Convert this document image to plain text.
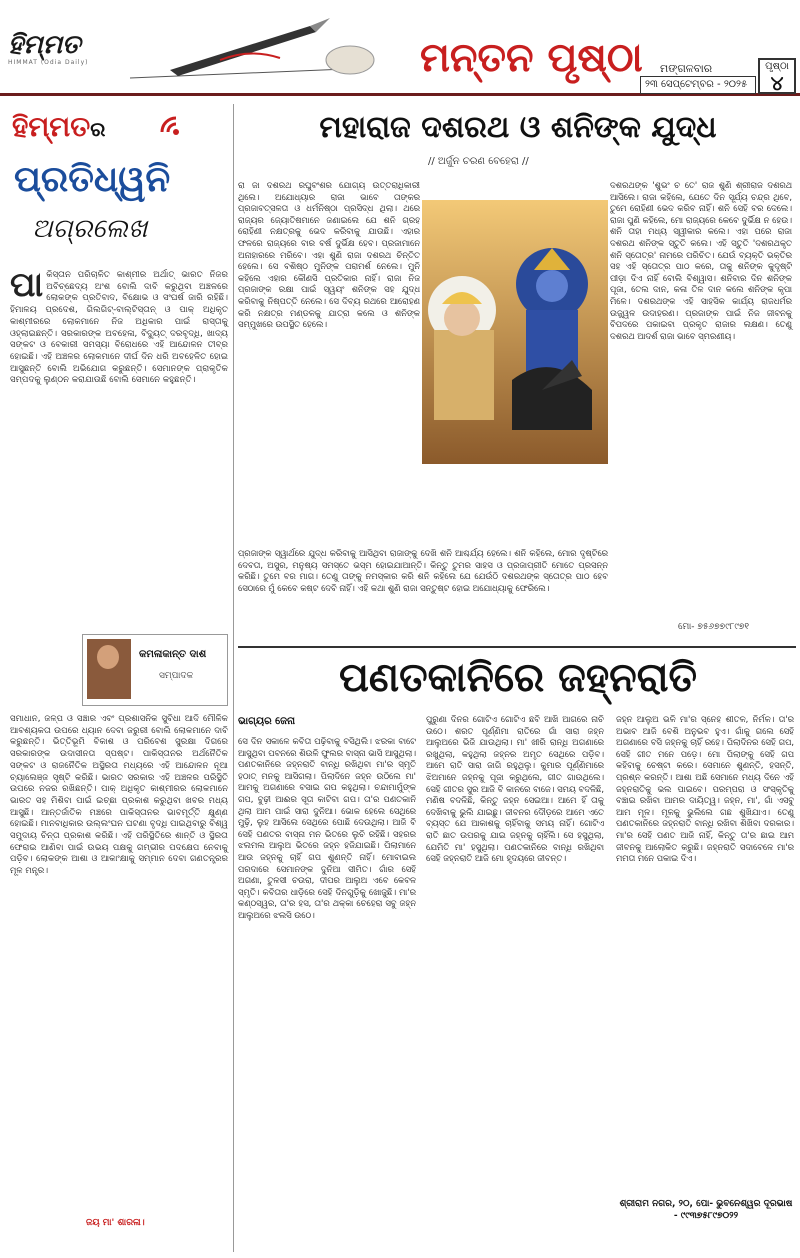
ହିମ୍ମତ
HIMMAT (Odia Daily)	ମନ୍ତନ ପୃଷ୍ଠା ମଙ୍ଗଳବାର
୨୩ ସେପ୍ଟେମ୍ବର - ୨୦୨୫
ପୃଷ୍ଠା
୪
ହିମ୍ମତର
ପ୍ରତିଧ୍ୱନି
ଅଗ୍ରଲେଖ
ପା କିସ୍ତାନ ପରିଚାଳିତ କାଶ୍ମୀର ଅର୍ଥାତ୍ ଭାରତ ନିଜର ଅବିଚ୍ଛେଦ୍ୟ ଅଂଶ ବୋଲି ଦାବି କରୁଥିବା ଅଞ୍ଚଳରେ ଲୋକଙ୍କ ପ୍ରତିବାଦ, ବିକ୍ଷୋଭ ଓ ସଂଘର୍ଷ ଜାରି ରହିଛି। ହିମାଳୟ ପ୍ରଦେଶ, ଗିଲଗିଟ୍-ବାଲ୍ଟିସ୍ତାନ୍ ଓ ପାକ୍ ଅଧିକୃତ କାଶ୍ମୀରରେ ଲୋକମାନେ ନିଜ ଅଧିକାର ପାଇଁ ରାସ୍ତାକୁ ଓହ୍ଲାଇଛନ୍ତି। ସରକାରଙ୍କ ଅବହେଳା, ବିଦ୍ୟୁତ୍ ଦରବୃଦ୍ଧି, ଖାଦ୍ୟ ସଙ୍କଟ ଓ ବେକାରୀ ସମସ୍ୟା ବିରୋଧରେ ଏହି ଆନ୍ଦୋଳନ ତୀବ୍ର ହୋଇଛି। ଏହି ଅଞ୍ଚଳର ଲୋକମାନେ ଦୀର୍ଘ ଦିନ ଧରି ଅବହେଳିତ ହୋଇ ଆସୁଛନ୍ତି ବୋଲି ଅଭିଯୋଗ କରୁଛନ୍ତି। ସେମାନଙ୍କ ପ୍ରାକୃତିକ ସମ୍ପଦକୁ ଲୁଣ୍ଠନ କରାଯାଉଛି ବୋଲି ସେମାନେ କହୁଛନ୍ତି।
କମଳାକାନ୍ତ ଦାଶ
ସମ୍ପାଦକ
ସମାଧାନ, ଜଳ୍ପ ଓ ସଞ୍ଚାର ଏବଂ ପ୍ରଶାସନିକ ସୁବିଧା ଆଦି ମୌଳିକ ଆବଶ୍ୟକତା ଉପରେ ଧ୍ୟାନ ଦେବା ଜରୁରୀ ବୋଲି ଲୋକମାନେ ଦାବି କରୁଛନ୍ତି। ଭିତ୍ତିଭୂମି ବିକାଶ ଓ ପରିବେଶ ସୁରକ୍ଷା ଦିଗରେ ସରକାରଙ୍କ ଉଦାସୀନତା ସ୍ପଷ୍ଟ। ପାକିସ୍ତାନର ଅର୍ଥନୈତିକ ସଙ୍କଟ ଓ ରାଜନୈତିକ ଅସ୍ଥିରତା ମଧ୍ୟରେ ଏହି ଆନ୍ଦୋଳନ ନୂଆ ଚ୍ୟାଲେଞ୍ଜ ସୃଷ୍ଟି କରିଛି। ଭାରତ ସରକାର ଏହି ଅଞ୍ଚଳର ପରିସ୍ଥିତି ଉପରେ ନଜର ରଖିଛନ୍ତି। ପାକ୍ ଅଧିକୃତ କାଶ୍ମୀରର ଲୋକମାନେ ଭାରତ ସହ ମିଶିବା ପାଇଁ ଇଚ୍ଛା ପ୍ରକାଶ କରୁଥିବା ଖବର ମଧ୍ୟ ଆସୁଛି। ଆନ୍ତର୍ଜାତିକ ମଞ୍ଚରେ ପାକିସ୍ତାନର ଭାବମୂର୍ତ୍ତି କ୍ଷୁଣ୍ଣ ହୋଇଛି। ମାନବାଧିକାର ଉଲ୍ଲଂଘନ ଘଟଣା ବୃଦ୍ଧି ପାଇଥିବାରୁ ବିଶ୍ୱ ସମୁଦାୟ ଚିନ୍ତା ପ୍ରକାଶ କରିଛି। ଏହି ପରିସ୍ଥିତିରେ ଶାନ୍ତି ଓ ସ୍ଥିରତା ଫେରାଇ ଆଣିବା ପାଇଁ ଉଭୟ ପକ୍ଷକୁ ଗମ୍ଭୀର ପଦକ୍ଷେପ ନେବାକୁ ପଡ଼ିବ। ଲୋକଙ୍କ ଆଶା ଓ ଆକାଂକ୍ଷାକୁ ସମ୍ମାନ ଦେବା ଗଣତନ୍ତ୍ରର ମୂଳ ମନ୍ତ୍ର।
ଜୟ ମା' ଶାରଳା।
ମହାରାଜ ଦଶରଥ ଓ ଶନିଙ୍କ ଯୁଦ୍ଧ
// ଅର୍ଜୁନ ଚରଣ ବେହେରା //
ରା ଜା ଦଶରଥ ରଘୁବଂଶର ଯୋଗ୍ୟ ଉତ୍ତରାଧିକାରୀ ଥିଲେ। ଅଯୋଧ୍ୟାର ରାଜା ଭାବେ ତାଙ୍କର ପ୍ରଜାବତ୍ସଳତା ଓ ଧର୍ମନିଷ୍ଠା ପ୍ରସିଦ୍ଧ ଥିଲା। ଥରେ ରାଜ୍ୟର ଜ୍ୟୋତିଷମାନେ ଜଣାଇଲେ ଯେ ଶନି ଗ୍ରହ ରୋହିଣୀ ନକ୍ଷତ୍ରକୁ ଭେଦ କରିବାକୁ ଯାଉଛି। ଏହାର ଫଳରେ ରାଜ୍ୟରେ ବାର ବର୍ଷ ଦୁର୍ଭିକ୍ଷ ହେବ। ପ୍ରଜାମାନେ ଅନାହାରରେ ମରିବେ। ଏହା ଶୁଣି ରାଜା ଦଶରଥ ଚିନ୍ତିତ ହେଲେ। ସେ ବଶିଷ୍ଠ ମୁନିଙ୍କ ପରାମର୍ଶ ନେଲେ। ମୁନି କହିଲେ ଏହାର କୌଣସି ପ୍ରତିକାର ନାହିଁ। ରାଜା ନିଜ ପ୍ରଜାଙ୍କ ରକ୍ଷା ପାଇଁ ସ୍ୱୟଂ ଶନିଙ୍କ ସହ ଯୁଦ୍ଧ କରିବାକୁ ନିଷ୍ପତ୍ତି ନେଲେ। ସେ ଦିବ୍ୟ ରଥରେ ଆରୋହଣ କରି ନକ୍ଷତ୍ର ମଣ୍ଡଳକୁ ଯାତ୍ରା କଲେ ଓ ଶନିଙ୍କ ସମ୍ମୁଖରେ ଉପସ୍ଥିତ ହେଲେ।
ଦଶରଥଙ୍କ 'ଶୁଭଂ ଚ ତେ' ରାଜ ଶୁଣି ଶ୍ରୀରାଜ ଦଶରଥ ଆସିଲେ। ରାଜା କହିଲେ, ଯେତେ ଦିନ ସୂର୍ଯ୍ୟ ଚନ୍ଦ୍ର ଥିବେ, ତୁମେ ରୋହିଣୀ ଭେଦ କରିବ ନାହିଁ। ଶନି ସେହି ବର ଦେଲେ। ରାଜା ପୁଣି କହିଲେ, ମୋ ରାଜ୍ୟରେ କେବେ ଦୁର୍ଭିକ୍ଷ ନ ହେଉ। ଶନି ତାହା ମଧ୍ୟ ସ୍ୱୀକାର କଲେ। ଏହା ପରେ ରାଜା ଦଶରଥ ଶନିଙ୍କ ସ୍ତୁତି କଲେ। ଏହି ସ୍ତୁତି 'ଦଶରଥକୃତ ଶନି ସ୍ତୋତ୍ର' ନାମରେ ପରିଚିତ। ଯେଉଁ ବ୍ୟକ୍ତି ଭକ୍ତିର ସହ ଏହି ସ୍ତୋତ୍ର ପାଠ କରେ, ତାକୁ ଶନିଙ୍କ କୁଦୃଷ୍ଟି ପୀଡ଼ା ଦିଏ ନାହିଁ ବୋଲି ବିଶ୍ୱାସ। ଶନିବାର ଦିନ ଶନିଙ୍କ ପୂଜା, ତେଲ ଦାନ, କଳା ତିଳ ଦାନ କଲେ ଶନିଙ୍କ କୃପା ମିଳେ। ଦଶରଥଙ୍କ ଏହି ସାହସିକ କାର୍ଯ୍ୟ ରାଜଧର୍ମର ଉଜ୍ଜ୍ୱଳ ଉଦାହରଣ। ପ୍ରଜାଙ୍କ ପାଇଁ ନିଜ ଜୀବନକୁ ବିପଦରେ ପକାଇବା ପ୍ରକୃତ ରାଜାର ଲକ୍ଷଣ। ତେଣୁ ଦଶରଥ ଆଦର୍ଶ ରାଜା ଭାବେ ସ୍ମରଣୀୟ।
ପ୍ରଜାଙ୍କ ସ୍ୱାର୍ଥରେ ଯୁଦ୍ଧ କରିବାକୁ ଆସିଥିବା ରାଜାଙ୍କୁ ଦେଖି ଶନି ଆଶ୍ଚର୍ଯ୍ୟ ହେଲେ। ଶନି କହିଲେ, ମୋର ଦୃଷ୍ଟିରେ ଦେବତା, ଅସୁର, ମନୁଷ୍ୟ ସମସ୍ତେ ଭସ୍ମ ହୋଇଯାଆନ୍ତି। କିନ୍ତୁ ତୁମର ସାହସ ଓ ପ୍ରଜାପ୍ରୀତି ମୋତେ ପ୍ରସନ୍ନ କରିଛି। ତୁମେ ବର ମାଗ। ତେଣୁ ତାଙ୍କୁ ନମସ୍କାର କରି ଶନି କହିଲେ ଯେ ଯେଉଁଠି ଦଶରଥଙ୍କ ସ୍ତୋତ୍ର ପାଠ ହେବ ସେଠାରେ ମୁଁ କେବେ କଷ୍ଟ ଦେବି ନାହିଁ। ଏହି କଥା ଶୁଣି ରାଜା ସନ୍ତୁଷ୍ଟ ହୋଇ ଅଯୋଧ୍ୟାକୁ ଫେରିଲେ।
ମୋ- ୭୫୬୭୭୯୮୯୭୧
ପଣତକାନିରେ ଜହ୍ନରାତି
ଭାଗ୍ୟର ଜେନା
ସେ ଦିନ ସକାଳେ କବିତା ପଢ଼ିବାକୁ ବସିଥିଲି। ଝରକା ବାଟେ ଆସୁଥିବା ପବନରେ ଶିଉଳି ଫୁଲର ବାସ୍ନା ଭାସି ଆସୁଥିଲା। ପଣତକାନିରେ ଜହ୍ନରାତି ବାନ୍ଧି ରଖିଥିବା ମା'ର ସ୍ମୃତି ହଠାତ୍ ମନକୁ ଆସିଗଲା। ପିଲାଦିନେ ଜହ୍ନ ଉଠିଲେ ମା' ଆମକୁ ଅଗଣାରେ ବସାଇ ଗପ କହୁଥିଲା। ଚନ୍ଦାମାମୁଁଙ୍କ ଗପ, ବୁଢ଼ୀ ଆଈର ସୂତା କାଟିବା ଗପ। ତା'ର ପଣତକାନି ଥିଲା ଆମ ପାଇଁ ସାରା ଦୁନିଆ। ଭୋକ ହେଲେ ସେଥିରେ ମୁଢ଼ି, ଲୁହ ଆସିଲେ ସେଥିରେ ପୋଛି ଦେଉଥିଲା। ଆଜି ବି ସେହି ପଣତର ବାସ୍ନା ମନ ଭିତରେ ଲୁଚି ରହିଛି। ସହରର ଝଲମଲ ଆଲୁଅ ଭିତରେ ଜହ୍ନ ହଜିଯାଇଛି। ପିଲାମାନେ ଆଉ ଜହ୍ନକୁ ଚାହିଁ ଗପ ଶୁଣନ୍ତି ନାହିଁ। ମୋବାଇଲ ପରଦାରେ ସେମାନଙ୍କ ଦୁନିଆ ସୀମିତ। ଗାଁର ସେହି ଅଗଣା, ତୁଳସୀ ଚଉରା, ଦୀପର ଆଲୁଅ ଏବେ କେବଳ ସ୍ମୃତି। କବିତାର ଧାଡ଼ିରେ ସେହି ଦିନଗୁଡ଼ିକୁ ଖୋଜୁଛି। ମା'ର କଣ୍ଠସ୍ୱର, ତା'ର ହସ, ତା'ର ଥକ୍କା ଚେହେରା ସବୁ ଜହ୍ନ ଆଲୁଅରେ ଝଲସି ଉଠେ।
ପୁରୁଣା ଦିନର ଗୋଟିଏ ଗୋଟିଏ ଛବି ଆଖି ଆଗରେ ନାଚି ଉଠେ। ଶରତ ପୂର୍ଣ୍ଣିମା ରାତିରେ ଗାଁ ସାରା ଜହ୍ନ ଆଲୁଅରେ ଭିଜି ଯାଉଥିଲା। ମା' ଖୀରି ରାନ୍ଧି ଅଗଣାରେ ରଖୁଥିଲା, କହୁଥିଲା ଜହ୍ନର ଅମୃତ ସେଥିରେ ପଡ଼ିବ। ଆମେ ରାତି ସାରା ଜାଗି ରହୁଥିଲୁ। କୁମାର ପୂର୍ଣ୍ଣିମାରେ ଝିଅମାନେ ଜହ୍ନକୁ ପୂଜା କରୁଥିଲେ, ଗୀତ ଗାଉଥିଲେ। ସେହି ଗୀତର ସୁର ଆଜି ବି କାନରେ ବାଜେ। ସମୟ ବଦଳିଛି, ମଣିଷ ବଦଳିଛି, କିନ୍ତୁ ଜହ୍ନ ସେଇଆ। ଆମେ ହିଁ ତାକୁ ଦେଖିବାକୁ ଭୁଲି ଯାଇଛୁ। ଜୀବନର ଦୌଡ଼ରେ ଆମେ ଏତେ ବ୍ୟସ୍ତ ଯେ ଆକାଶକୁ ଚାହିଁବାକୁ ସମୟ ନାହିଁ। ଗୋଟିଏ ରାତି ଛାତ ଉପରକୁ ଯାଇ ଜହ୍ନକୁ ଚାହିଁଲି। ସେ ହସୁଥିଲା, ଯେମିତି ମା' ହସୁଥିଲା। ପଣତକାନିରେ ବାନ୍ଧି ରଖିଥିବା ସେହି ଜହ୍ନରାତି ଆଜି ମୋ ହୃଦୟରେ ଜୀବନ୍ତ।
ଜହ୍ନ ଆଲୁଅ ଭଳି ମା'ର ସ୍ନେହ ଶୀତଳ, ନିର୍ମଳ। ତା'ର ଅଭାବ ଆଜି ବେଶି ଅନୁଭବ ହୁଏ। ଗାଁକୁ ଗଲେ ସେହି ଅଗଣାରେ ବସି ଜହ୍ନକୁ ଚାହିଁ ରହେ। ପିଲାଦିନର ସେହି ଗପ, ସେହି ଗୀତ ମନେ ପଡ଼େ। ମୋ ପିଲାଙ୍କୁ ସେହି ଗପ କହିବାକୁ ଚେଷ୍ଟା କରେ। ସେମାନେ ଶୁଣନ୍ତି, ହସନ୍ତି, ପ୍ରଶ୍ନ କରନ୍ତି। ଆଶା ଅଛି ସେମାନେ ମଧ୍ୟ ଦିନେ ଏହି ଜହ୍ନରାତିକୁ ଭଲ ପାଇବେ। ପରମ୍ପରା ଓ ସଂସ୍କୃତିକୁ ବଞ୍ଚାଇ ରଖିବା ଆମର ଦାୟିତ୍ୱ। ଜହ୍ନ, ମା', ଗାଁ ଏସବୁ ଆମ ମୂଳ। ମୂଳକୁ ଭୁଲିଲେ ଗଛ ଶୁଖିଯାଏ। ତେଣୁ ପଣତକାନିରେ ଜହ୍ନରାତି ବାନ୍ଧି ରଖିବା ଶିଖିବା ଦରକାର। ମା'ର ସେହି ପଣତ ଆଜି ନାହିଁ, କିନ୍ତୁ ତା'ର ଛାଇ ଆମ ଜୀବନକୁ ଆଲୋକିତ କରୁଛି। ଜହ୍ନରାତି ସଦାବେଳେ ମା'ର ମମତା ମନେ ପକାଇ ଦିଏ।
ଶ୍ରୀରାମ ନଗର, ୨୦, ପୋ- ଭୁବନେଶ୍ୱର ଦୂରଭାଷ - ୯୯୩୭୫୮୯୭୦୨୨
